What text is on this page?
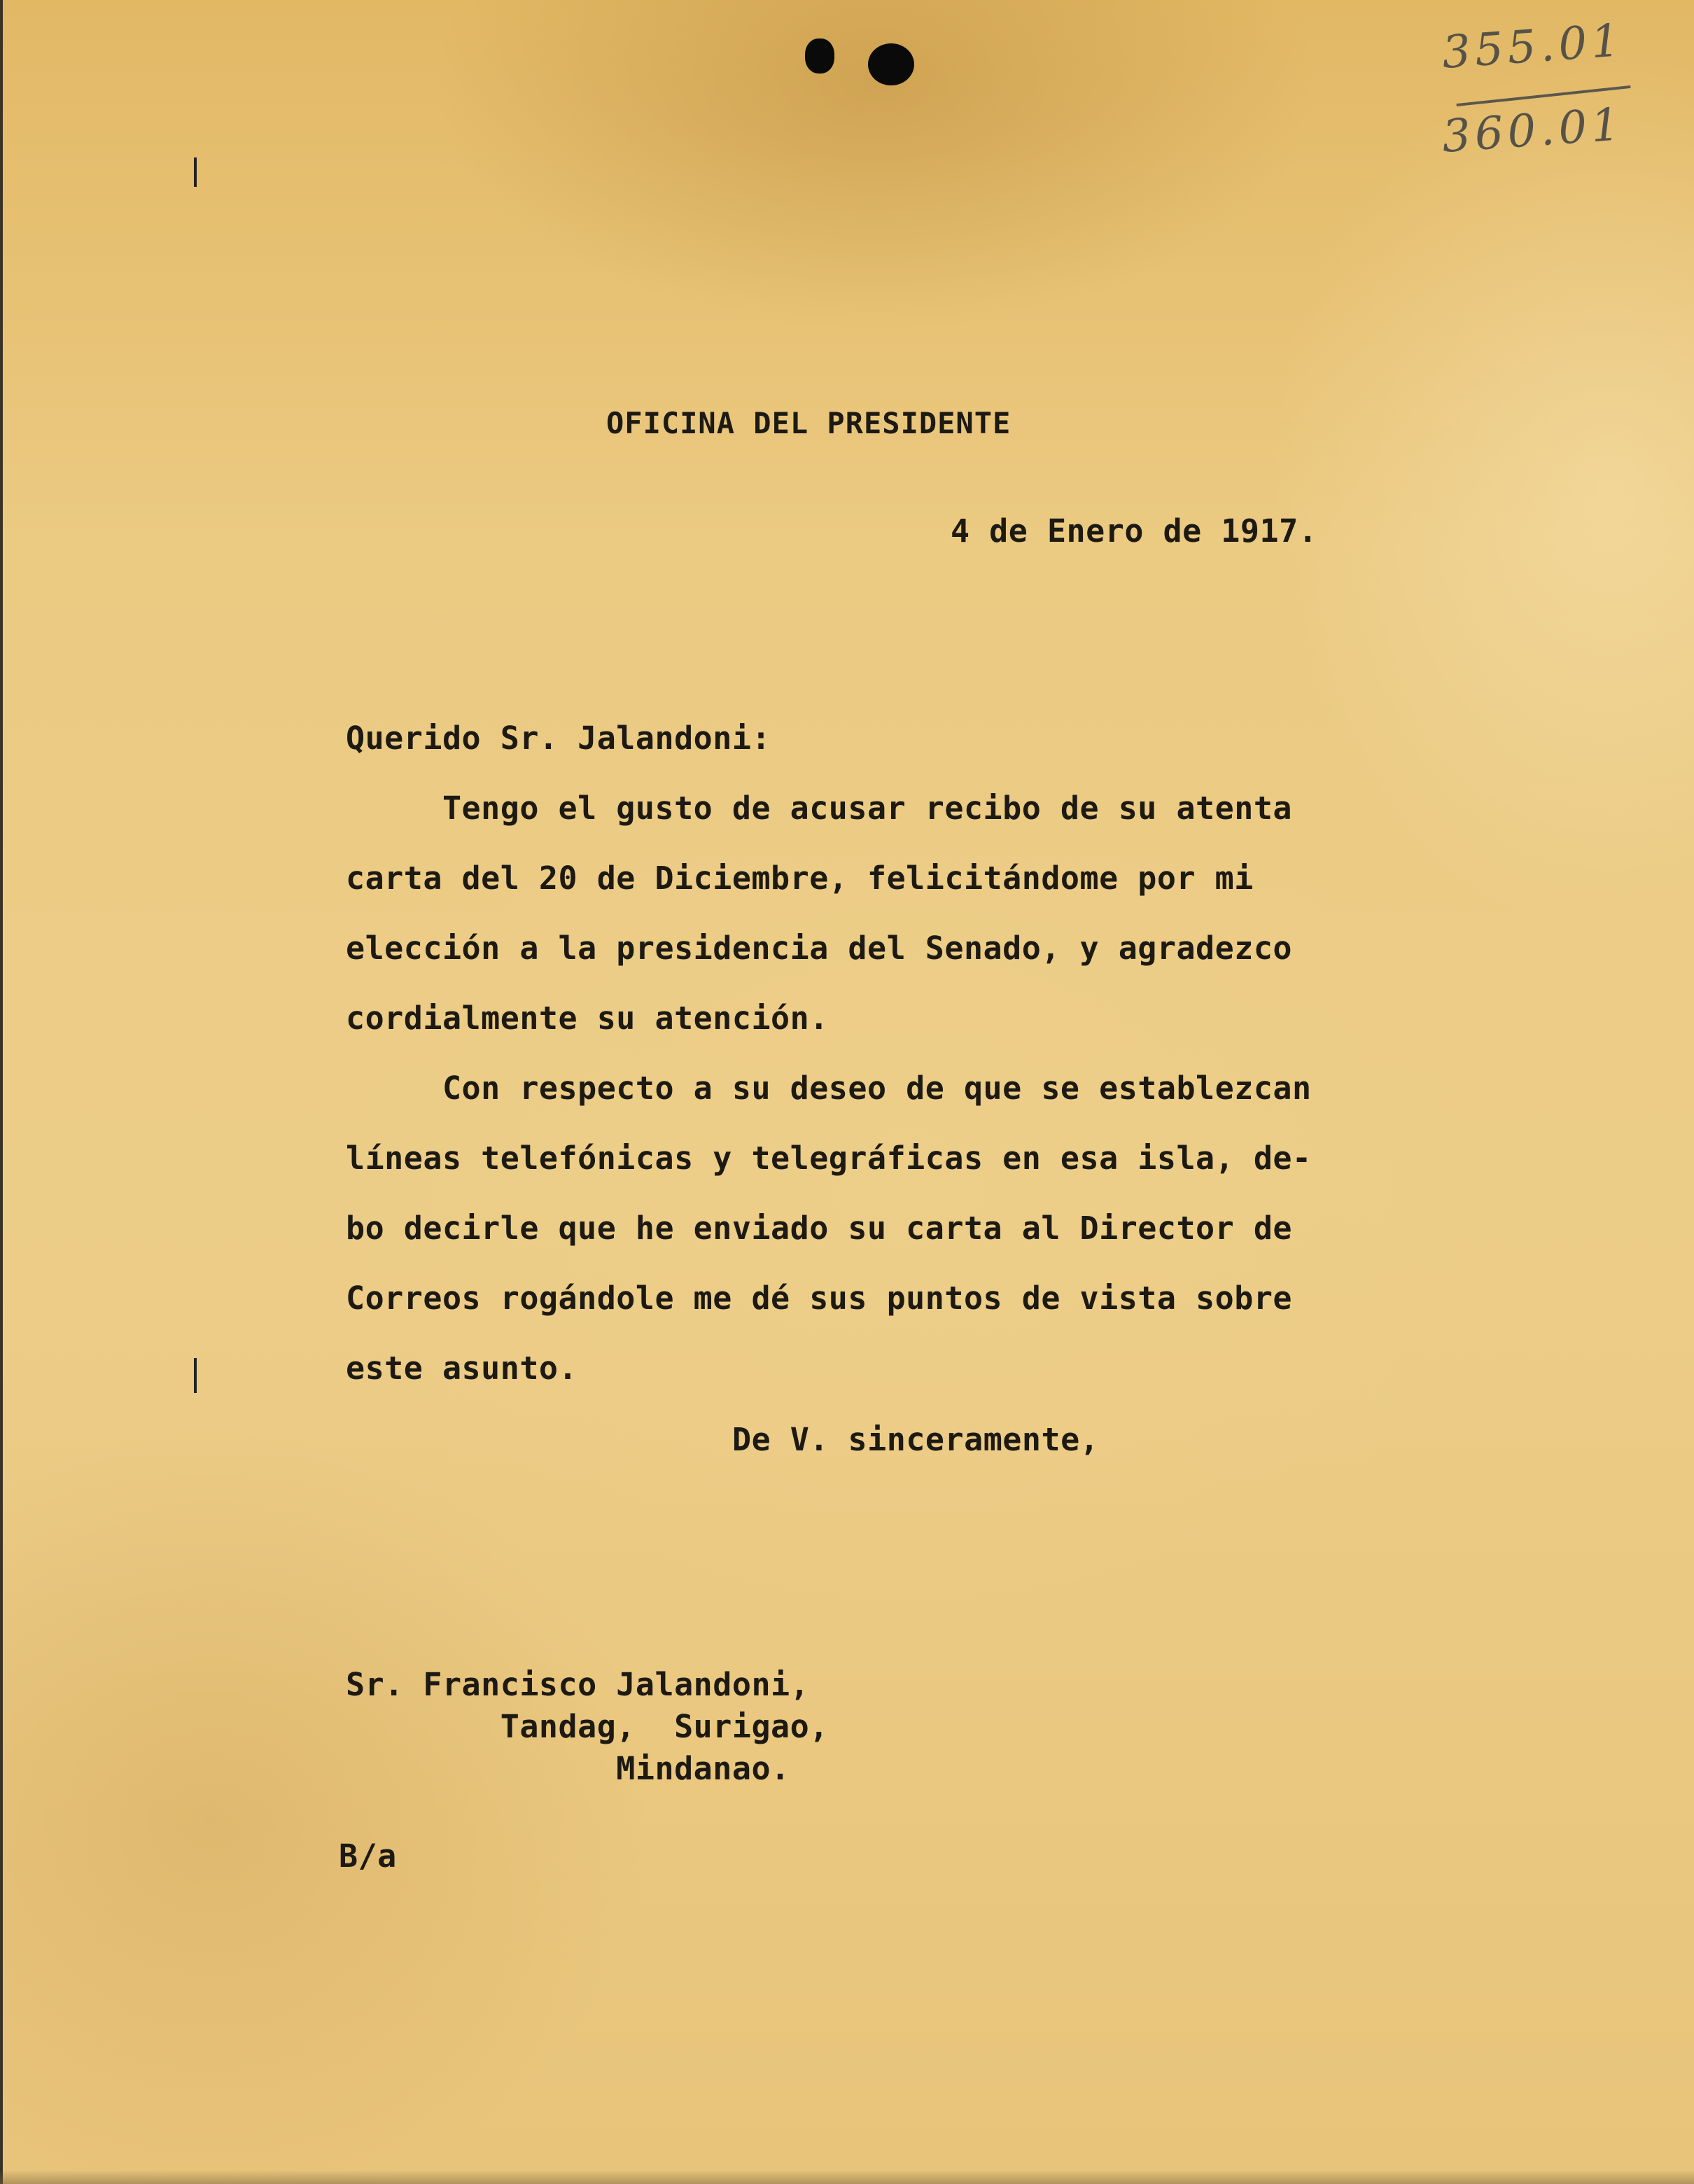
355.01

360.01

OFICINA DEL PRESIDENTE

4 de Enero de 1917.

Querido Sr. Jalandoni:

Tengo el gusto de acusar recibo de su atenta

carta del 20 de Diciembre, felicitándome por mi

elección a la presidencia del Senado, y agradezco

cordialmente su atención.

Con respecto a su deseo de que se establezcan

líneas telefónicas y telegráficas en esa isla, de-

bo decirle que he enviado su carta al Director de

Correos rogándole me dé sus puntos de vista sobre

este asunto.

De V. sinceramente,

Sr. Francisco Jalandoni,

Tandag,  Surigao,

Mindanao.

B/a
